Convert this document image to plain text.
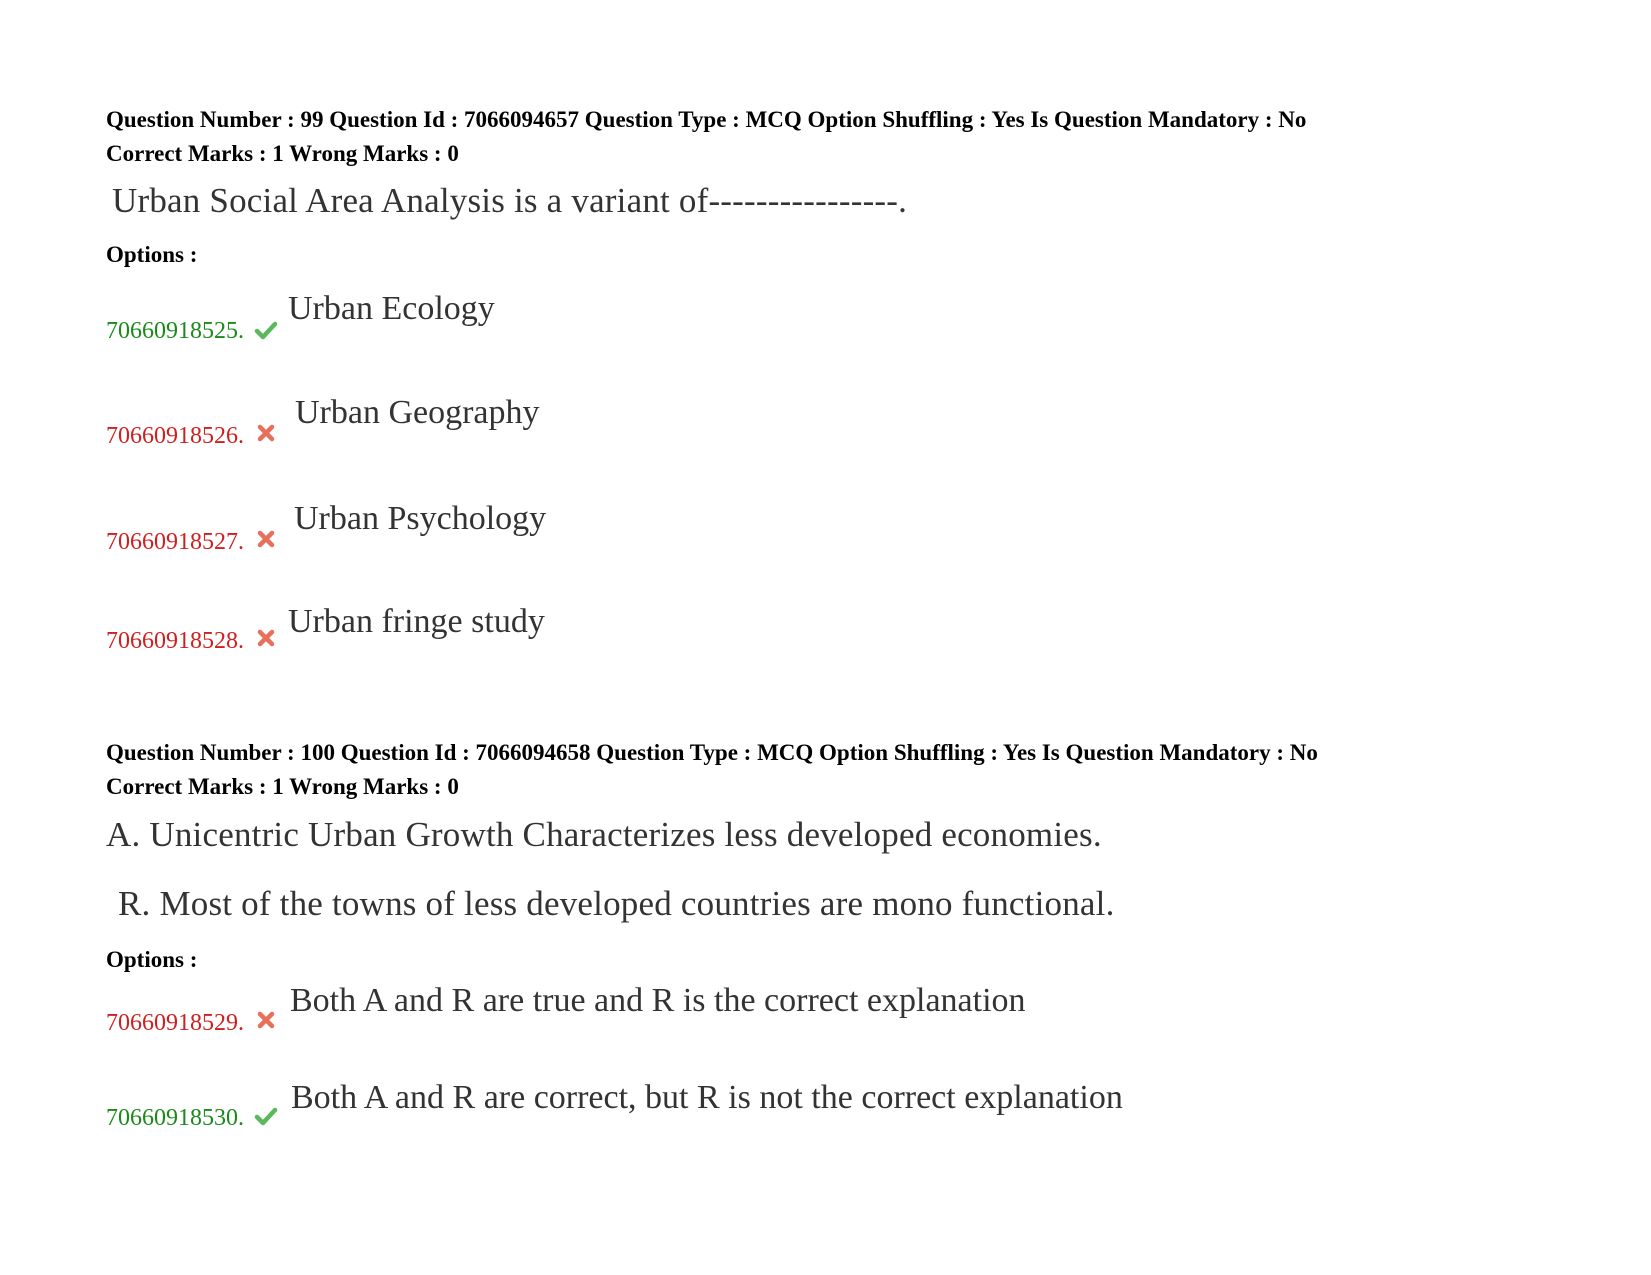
Question Number : 99 Question Id : 7066094657 Question Type : MCQ Option Shuffling : Yes Is Question Mandatory : No
Correct Marks : 1 Wrong Marks : 0
Urban Social Area Analysis is a variant of----------------.
Options :
70660918525.
Urban Ecology
70660918526.
Urban Geography
70660918527.
Urban Psychology
70660918528.
Urban fringe study
Question Number : 100 Question Id : 7066094658 Question Type : MCQ Option Shuffling : Yes Is Question Mandatory : No
Correct Marks : 1 Wrong Marks : 0
A. Unicentric Urban Growth Characterizes less developed economies.
R. Most of the towns of less developed countries are mono functional.
Options :
70660918529.
Both A and R are true and R is the correct explanation
70660918530.
Both A and R are correct, but R is not the correct explanation
